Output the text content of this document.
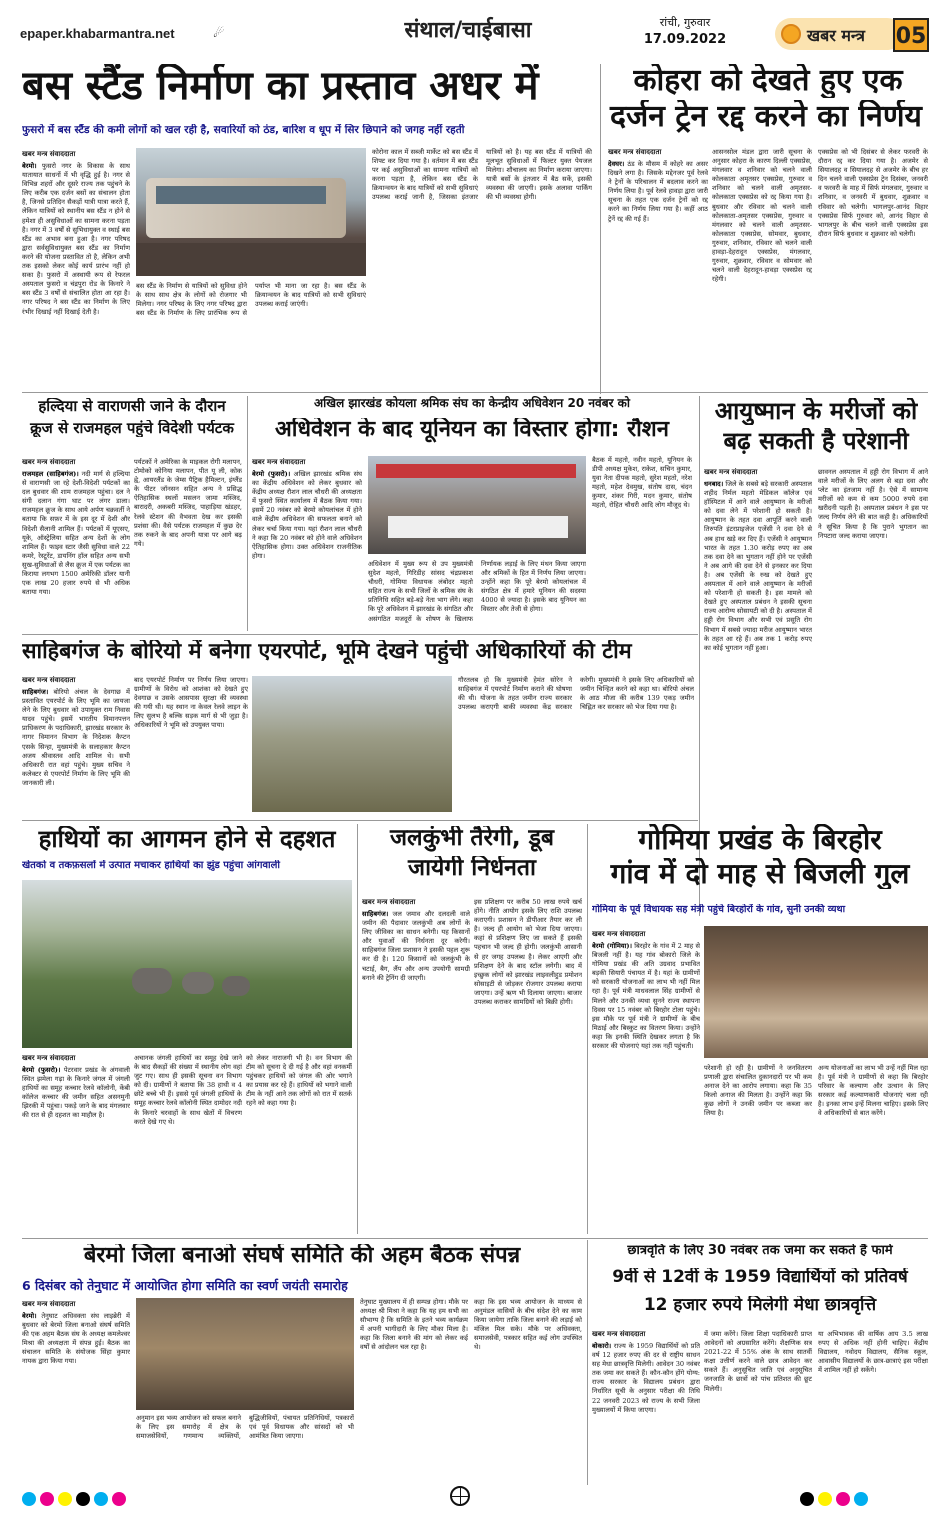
epaper.khabarmantra.net	☄	संथाल/चाईबासा	रांची, गुरुवार
17.09.2022	खबर मन्त्र 05
बस स्टैंड निर्माण का प्रस्ताव अधर में
फुसरो में बस स्टैंड की कमी लोगों को खल रही है, सवारियों को ठंड, बारिश व धूप में सिर छिपाने को जगह नहीं रहती
खबर मन्त्र संवाददाता
बेरमो। फुसरो नगर के विकास के साथ यातायात साधनों में भी वृद्धि हुई है। नगर से विभिन्न शहरों और दूसरे राज्य तक पहुंचने के लिए करीब एक दर्जन बसों का संचालन होता है, जिनसे प्रतिदिन सैकड़ों यात्री यात्रा करते हैं, लेकिन यात्रियों को स्थानीय बस स्टैंड न होने से हमेशा ही असुविधाओं का सामना करना पड़ता है। नगर में 3 वर्षों से सुभिधायुक्त व स्थाई बस स्टैंड का अभाव बना हुआ है। नगर परिषद द्वारा सर्वसुविधायुक्त बस स्टैंड का निर्माण करने की योजना प्रस्तावित तो है, लेकिन अभी तक इसको लेकर कोई कार्य प्रारंभ नहीं हो सका है। फुसरो में अस्थायी रूप से रेफरल अस्पताल फुसरो व चंद्रपुरा रोड के किनारे ने बस स्टैंड 3 वर्षों से संचालित होता आ रहा है। नगर परिषद ने बस स्टैंड का निर्माण के लिए रंभीर दिखाई नहीं दिखाई देती है।
बस स्टैंड के निर्माण से यात्रियों को सुविधा होने के साथ साथ क्षेत्र के लोगों को रोजगार भी मिलेगा। नगर परिषद के लिए नगर परिषद द्वारा बस स्टैंड के निर्माण के लिए प्रारंभिक रूप से पर्याप्त भी माना जा रहा है। बस स्टैंड के क्रियान्वयन के बाद यात्रियों को सभी सुविधाएं उपलब्ध कराई जाएंगी।
कोरोना काल में सब्जी मार्केट को बस स्टैंड में शिफ्ट कर दिया गया है। वर्तमान में बस स्टैंड पर कई असुविधाओं का सामना यात्रियों को करना पड़ता है, लेकिन बस स्टैंड के क्रियान्वयन के बाद यात्रियों को सभी सुविधाएं उपलब्ध कराई जानी है, जिसका इंतजार यात्रियों को है। यह बस स्टैंड में यात्रियों की मूलभूत सुविधाओं में फिल्टर युक्त पेयजल मिलेगा। शौचालय का निर्माण कराया जाएगा। यात्री बसों के इंतजार में बैठ सकें, इसकी व्यवस्था की जाएगी। इसके अलावा पार्किंग की भी व्यवस्था होगी।
कोहरा को देखते हुए एक
दर्जन ट्रेन रद्द करने का निर्णय
खबर मन्त्र संवाददाता
देवघर। ठंड के मौसम में कोहरे का असर दिखने लगा है। जिसके मद्देनजर पूर्व रेलवे ने ट्रेनों के परिचालन में बदलाव करने का निर्णय लिया है। पूर्व रेलवे हावड़ा द्वारा जारी सूचना के तहत एक दर्जन ट्रेनों को रद्द करने का निर्णय लिया गया है। कहीं आठ ट्रेनें रद्द की गई हैं।
आसनसोल मंडल द्वारा जारी सूचना के अनुसार कोहरा के कारण दिल्ली एक्सप्रेस, मंगलवार व शनिवार को चलने वाली कोलकाता अमृतसर एक्सप्रेस, गुरुवार व शनिवार को चलने वाली अमृतसर-कोलकाता एक्सप्रेस को रद्द किया गया है। बुधवार और रविवार को चलने वाली कोलकाता-अमृतसर एक्सप्रेस, गुरुवार व मंगलवार को चलने वाली अमृतसर-कोलकाता एक्सप्रेस, सोमवार, बुधवार, गुरुवार, शनिवार, रविवार को चलने वाली हावड़ा-देहरादून एक्सप्रेस, मंगलवार, गुरुवार, शुक्रवार, रविवार व सोमवार को चलने वाली देहरादून-हावड़ा एक्सप्रेस रद्द रहेगी।
एक्सप्रेस को भी दिसंबर से लेकर फरवरी के दौरान रद्द कर दिया गया है। अजमेर से सियालदह व सियालदह से अजमेर के बीच हर दिन चलने वाली एक्सप्रेस ट्रेन दिसंबर, जनवरी व फरवरी के माह में सिर्फ मंगलवार, गुरुवार व शनिवार, व जनवरी में बुधवार, शुक्रवार व रविवार को चलेगी। भागलपुर-आनंद विहार एक्सप्रेस सिर्फ गुरुवार को, आनंद विहार से भागलपुर के बीच चलने वाली एक्सप्रेस इस दौरान सिर्फ बुधवार व शुक्रवार को चलेगी।
हल्दिया से वाराणसी जाने के दौरान
क्रूज से राजमहल पहुंचे विदेशी पर्यटक
खबर मन्त्र संवाददाता
राजमहल (साहिबगंज)। नदी मार्ग से हल्दिया से वाराणसी जा रहे देशी-विदेशी पर्यटकों का दल बुधवार की शाम राजमहल पहुंचा। दल ने संगी दलान गंगा घाट पर लंगर डाला। राजमहल क्रूज के साथ आये अर्पण चक्रवर्ती ने बताया कि सफ़र में के इस दूर में देशी और विदेशी सैलानी शामिल हैं। पर्यटकों में यूएसए, यूके, ऑस्ट्रेलिया सहित अन्य देशों के लोग शामिल हैं। फाइव स्टार जैसी सुविधा वाले 22 कमरे, रेस्टूरेंट, डायनिंग हॉल सहित अन्य सभी सुख-सुविधाओं से लैस क्रूज में एक पर्यटक का किराया लगभग 1500 अमेरिकी डॉलर यानी एक लाख 20 हजार रुपये से भी अधिक बताया गया।
पर्यटकों ने अमेरिका के माइकल रोगी मलापन, टोमोको कोनिया मलापन, पीत यू ली, कोक ह्वे, आयरलैंड के जेम्स पैट्रिक हैमिल्टन, इंग्लैंड के पीटर जॉनसन सहित अन्य ने प्रसिद्ध ऐतिहासिक स्थलों मसलन जामा मस्जिद, बारादरी, अकबरी मस्जिद, पाहाड़िया खंडहर, रेलवे स्टेशन की वैभवता देख कर इसकी प्रशंसा की। वैसे पर्यटक राजमहल में कुछ देर तक रुकने के बाद अपनी यात्रा पर आगे बढ़ गये।
अखिल झारखंड कोयला श्रमिक संघ का केन्द्रीय अधिवेशन 20 नवंबर को
अधिवेशन के बाद यूनियन का विस्तार होगा: रौशन
खबर मन्त्र संवाददाता
बेरमो (फुसरो)। अखिल झारखंड श्रमिक संघ का केंद्रीय अधिवेशन को लेकर बुधवार को केंद्रीय अध्यक्ष रौशन लाल चौधरी की अध्यक्षता में फुसरो स्थित कार्यालय में बैठक किया गया। इसमें 20 नवंबर को बेरमो कोयलांचल में होने वाले केंद्रीय अधिवेशन की सफलता बनाने को लेकर चर्चा किया गया। यहां रौशन लाल चौधरी ने कहा कि 20 नवंबर को होने वाले अधिवेशन ऐतिहासिक होगा। उक्त अधिवेशन राजनीतिक होगा।
अधिवेशन में मुख्य रूप से उप मुख्यमंत्री सुदेश महतो, गिरिडीह सांसद चंद्रप्रकाश चौधरी, गोमिया विधायक लंबोदर महतो सहित राज्य के सभी जिलों के श्रमिक संघ के प्रतिनिधि सहित बड़े-बड़े नेता भाग लेंगे। कहा कि पूरे अधिवेशन में झारखंड के संगठित और असंगठित मजदूरों के शोषण के खिलाफ निर्णायक लड़ाई के लिए मंथन किया जाएगा और श्रमिकों के हित में निर्णय लिया जाएगा। उन्होंने कहा कि पूरे बेरमो कोयलांचल में संगठित क्षेत्र में हमारे यूनियन की सदस्या 4000 से ज्यादा है। इसके बाद यूनियन का विस्तार और तेजी से होगा।
बैठक में महतो, नवीन महतो, यूनियन के डीपी अध्यक्ष मुकेश, राकेश, सचिन कुमार, युवा नेता दीपक महतो, सुरेश महतो, नरेश महतो, महेश देवमुख, संतोष दास, चंदन कुमार, शंकर गिरी, मदन कुमार, संतोष महतो, रोहित चौधरी आदि लोग मौजूद थे।
आयुष्मान के मरीजों को
बढ़ सकती है परेशानी
खबर मन्त्र संवाददाता
धनबाद। जिले के सबसे बड़े सरकारी अस्पताल शहीद निर्मल महतो मेडिकल कॉलेज एवं हॉस्पिटल में आने वाले आयुष्मान के मरीजों को दवा लेने में परेशानी हो सकती है। आयुष्मान के तहत दवा आपूर्ति करने वाली तिरुपति इंटरप्राइजेज एजेंसी ने दवा देने से अब हाथ खड़े कर दिए हैं। एजेंसी ने आयुष्मान भारत के तहत 1.30 करोड़ रुपए का अब तक दवा देने का भुगतान नहीं होने पर एजेंसी ने अब आगे की दवा देने से इनकार कर दिया है। अब एजेंसी के रुख को देखते हुए अस्पताल में आने वाले आयुष्मान के मरीजों को परेशानी हो सकती है। इस मामले को देखते हुए अस्पताल प्रबंधन ने इसकी सूचना राज्य आरोग्य सोसायटी को दी है। अस्पताल में हड्डी रोग विभाग और सभी एवं प्रसूति रोग विभाग में सबसे ज्यादा मरीज आयुष्मान भारत के तहत आ रहे हैं। अब तक 1 करोड़ रुपए का कोई भुगतान नहीं हुआ।
छावनल अस्पताल में हड्डी रोग विभाग में आने वाले मरीजों के लिए अलग से बड़ा दवा और प्लेट का इंतजाम नहीं है। ऐसे में सामान्य मरीजों को कम से कम 5000 रुपये दवा खरीदनी पड़ती है। अस्पताल प्रबंधन ने इस पर जल्द निर्णय लेने की बात कही है। अधिकारियों ने सूचित किया है कि पुराने भुगतान का निपटारा जल्द कराया जाएगा।
साहिबगंज के बोरियो में बनेगा एयरपोर्ट, भूमि देखने पहुंची अधिकारियों की टीम
खबर मन्त्र संवाददाता
साहिबगंज। बोरियो अंचल के देवगाछ में प्रस्तावित एयरपोर्ट के लिए भूमि का जायजा लेने के लिए बुधवार को उपायुक्त राम निवास यादव पहुंचे। इसमें भारतीय विमानपत्तन प्राधिकरण के पदाधिकारी, झारखंड सरकार के नागर विमानन विभाग के निदेशक कैप्टन एसके सिन्हा, मुख्यमंत्री के सलाहकार कैप्टन अजय श्रीवास्तव आदि शामिल थे। सभी अधिकारी रात वहां पहुंचे। मुख्य सचिव ने कलेक्टर से एयरपोर्ट निर्माण के लिए भूमि की जानकारी ली।
बाद एयरपोर्ट निर्माण पर निर्णय लिया जाएगा। ग्रामीणों के विरोध को आशंका को देखते हुए देवगाछ व उसके आसपास सुरक्षा की व्यवस्था की गयी थी। यह स्थान ना केवल रेलवे लाइन के लिए सुलभ है बल्कि सड़क मार्ग से भी जुड़ा है। अधिकारियों ने भूमि को उपयुक्त पाया।
गौरतलब हो कि मुख्यमंत्री हेमंत सोरेन ने साहिबगंज में एयरपोर्ट निर्माण कराने की घोषणा की थी। योजना के तहत जमीन राज्य सरकार उपलब्ध कराएगी बाकी व्यवस्था केंद्र सरकार करेगी। मुख्यमंत्री ने इसके लिए अधिकारियों को जमीन चिन्हित करने को कहा था। बोरियो अंचल के आठ मौजा की करीब 139 एकड़ जमीन चिह्नित कर सरकार को भेज दिया गया है।
हाथियों का आगमन होने से दहशत
खेतको व तकफ़सलों में उत्पात मचाकर हाथियों का झुंड पहुंचा आंगवाली
खबर मन्त्र संवाददाता
बेरमो (फुसरो)। पेटरवार प्रखंड के अंगवाली स्थित झमेला गढ़ा के किनारे जंगल में जंगली हाथियों का समूह कच्चार रेलवे कॉलोनी, केंबी कॉलेज कच्चार की जमीन सहित असनमुनी झिरकी में पहुंचा। पकड़े जाने के बाद मंगलवार की रात से ही दहशत का माहौल है।
अचानक जंगली हाथियों का समूह देखे जाने के बाद सैकड़ों की संख्या में स्थानीय लोग वहां जुट गए। साथ ही इसकी सूचना वन विभाग को दी। ग्रामीणों ने बताया कि 38 हाथी व 4 छोटे बच्चे भी हैं। इससे पूर्व जंगली हाथियों के समूह कच्चार रेलवे कॉलोनी स्थित दामोदर नदी के किनारे चरवाहों के साथ खेतों में विचरण करते देखे गए थे।
को लेकर नाराजगी भी है। वन विभाग की टीम को सूचना दे दी गई है और वहां वनकर्मी पहुंचकर हाथियों को जंगल की ओर भगाने का प्रयास कर रहे हैं। हाथियों को भगाने वाली टीम के नहीं आने तक लोगों को रात में सतर्क रहने को कहा गया है।
जलकुंभी तैरेगी, डूब
जायेगी निर्धनता
खबर मन्त्र संवाददाता
साहिबगंज। जल जमाव और दलदली वाले जमीन की पैदावार जलकुंभी अब लोगों के लिए जीविका का साधन बनेगी। यह किसानों और युवाओं की निर्धनता दूर करेगी। साहिबगंज जिला प्रशासन ने इसकी पहल शुरू कर दी है। 120 किसानों को जलकुंभी के चटाई, बैग, लैंप और अन्य उपयोगी सामग्री बनाने की ट्रेनिंग दी जाएगी।
इस प्रशिक्षण पर करीब 50 लाख रुपये खर्च होंगे। नीति आयोग इसके लिए राशि उपलब्ध कराएगी। प्रशासन ने डीपीआर तैयार कर ली है। जल्द ही आयोग को भेजा दिया जाएगा। कहां से प्रशिक्षण लिए जा सकते हैं इसकी पहचान भी जल्द ही होगी। जलकुंभी आसानी से हर जगह उपलब्ध है। लेकर आएगी और प्रशिक्षण देने के बाद स्टॉल लगेगी। बाद में इच्छुक लोगों को झारखंड लाइवलीहुड प्रमोशन सोसाइटी से जोड़कर रोजगार उपलब्ध कराया जाएगा। उन्हें ऋण भी दिलाया जाएगा। बाजार उपलब्ध कराकर सामग्रियों को बिक्री होगी।
गोमिया प्रखंड के बिरहोर
गांव में दो माह से बिजली गुल
गोमिया के पूर्व विधायक सह मंत्री पहुंचे बिरहोरों के गांव, सुनी उनकी व्यथा
खबर मन्त्र संवाददाता
बेरमो (गोमिया)। बिरहोर के गांव में 2 माह से बिजली नहीं है। यह गांव बोकारो जिले के गोमिया प्रखंड की अति उग्रवाद प्रभावित बड़की सियारी पंचायत में है। यहां के ग्रामीणों को सरकारी योजनाओं का लाभ भी नहीं मिल रहा है। पूर्व मंत्री माधवलाल सिंह ग्रामीणों से मिलने और उनकी व्यथा सुनने राज्य स्थापना दिवस पर 15 नवंबर को बिरहोर टोला पहुंचे। इस मौके पर पूर्व मंत्री ने ग्रामीणों के बीच मिठाई और बिस्कुट का वितरण किया। उन्होंने कहा कि इनकी स्थिति देखकर लगता है कि सरकार की योजनाएं यहां तक नहीं पहुंचती।
परेशानी हो रही है। ग्रामीणों ने जनवितरण प्रणाली द्वारा संचालित दुकानदारों पर भी कम अनाज देने का आरोप लगाया। कहा कि 35 किलो अनाज की मिलता है। उन्होंने कहा कि कुछ लोगों ने उनकी जमीन पर कब्जा कर लिया है।
अन्य योजनाओं का लाभ भी उन्हें नहीं मिल रहा है। पूर्व मंत्री ने ग्रामीणों से कहा कि बिरहोर परिवार के कल्याण और उत्थान के लिए सरकार कई कल्याणकारी योजनाएं चला रही है। इनका लाभ इन्हें मिलना चाहिए। इसके लिए वे अधिकारियों से बात करेंगे।
बेरमो जिला बनाओ संघर्ष समिति की अहम बैठक संपन्न
6 दिसंबर को तेनुघाट में आयोजित होगा समिति का स्वर्ण जयंती समारोह
खबर मन्त्र संवाददाता
बेरमो। तेनुघाट अधिवक्ता संघ लाइब्रेरी में बुधवार को बेरमो जिला बनाओ संघर्ष समिति की एक अहम बैठक संघ के अध्यक्ष कमलेश्वर मिश्रा की अध्यक्षता में संपन्न हुई। बैठक का संचालन समिति के संयोजक सिंहा कुमार नायक द्वारा किया गया।
अनुमान इस भव्य आयोजन को सफल बनाने के लिए इस समारोह में क्षेत्र के समाजसेवियों, गणमान्य व्यक्तियों, बुद्धिजीवियों, पंचायत प्रतिनिधियों, पत्रकारों एवं पूर्व विधायक और सांसदों को भी आमंत्रित किया जाएगा।
तेनुघाट मुख्यालय में ही सम्पन्न होगा। मौके पर अध्यक्ष श्री मिश्रा ने कहा कि यह हम सभी का सौभाग्य है कि समिति के इतने भव्य कार्यक्रम में अपनी भागीदारी के लिए मौका मिला है। कहा कि जिला बनाने की मांग को लेकर कई वर्षों से आंदोलन चल रहा है।
कहा कि इस भव्य आयोजन के माध्यम से अनुमंडल वासियों के बीच संदेश देने का काम किया जायेगा ताकि जिला बनाने की लड़ाई को मंजिल मिल सके। मौके पर अधिवक्ता, समाजसेवी, पत्रकार सहित कई लोग उपस्थित थे।
छात्रवृति के लिए 30 नवंबर तक जमा कर सकते हैं फार्म
9वीं से 12वीं के 1959 विद्यार्थियों को प्रतिवर्ष
12 हजार रुपये मिलेगी मेधा छात्रवृत्ति
खबर मन्त्र संवाददाता
बोकारो। राज्य के 1959 विद्यार्थियों को प्रति वर्ष 12 हजार रुपए की दर से राष्ट्रीय साधन सह मेधा छात्रवृत्ति मिलेगी। आवेदन 30 नवंबर तक जमा कर सकते हैं। कौन-कौन होंगे योग्य: राज्य सरकार के विद्यालय प्रबंधन द्वारा निर्धारित सूची के अनुसार परीक्षा की तिथि 22 जनवरी 2023 को राज्य के सभी जिला मुख्यालयों में किया जाएगा।
में जमा करेंगे। जिला शिक्षा पदाधिकारी प्राप्त आवेदनों को अग्रसारित करेंगे। शैक्षणिक सत्र 2021-22 में 55% अंक के साथ सातवीं कक्षा उत्तीर्ण करने वाले छात्र आवेदन कर सकते हैं। अनुसूचित जाति एवं अनुसूचित जनजाति के छात्रों को पांच प्रतिशत की छूट मिलेगी।
या अभिभावक की वार्षिक आय 3.5 लाख रुपए से अधिक नहीं होनी चाहिए। केंद्रीय विद्यालय, नवोदय विद्यालय, सैनिक स्कूल, आवासीय विद्यालयों के छात्र-छात्राएं इस परीक्षा में शामिल नहीं हो सकेंगे।
